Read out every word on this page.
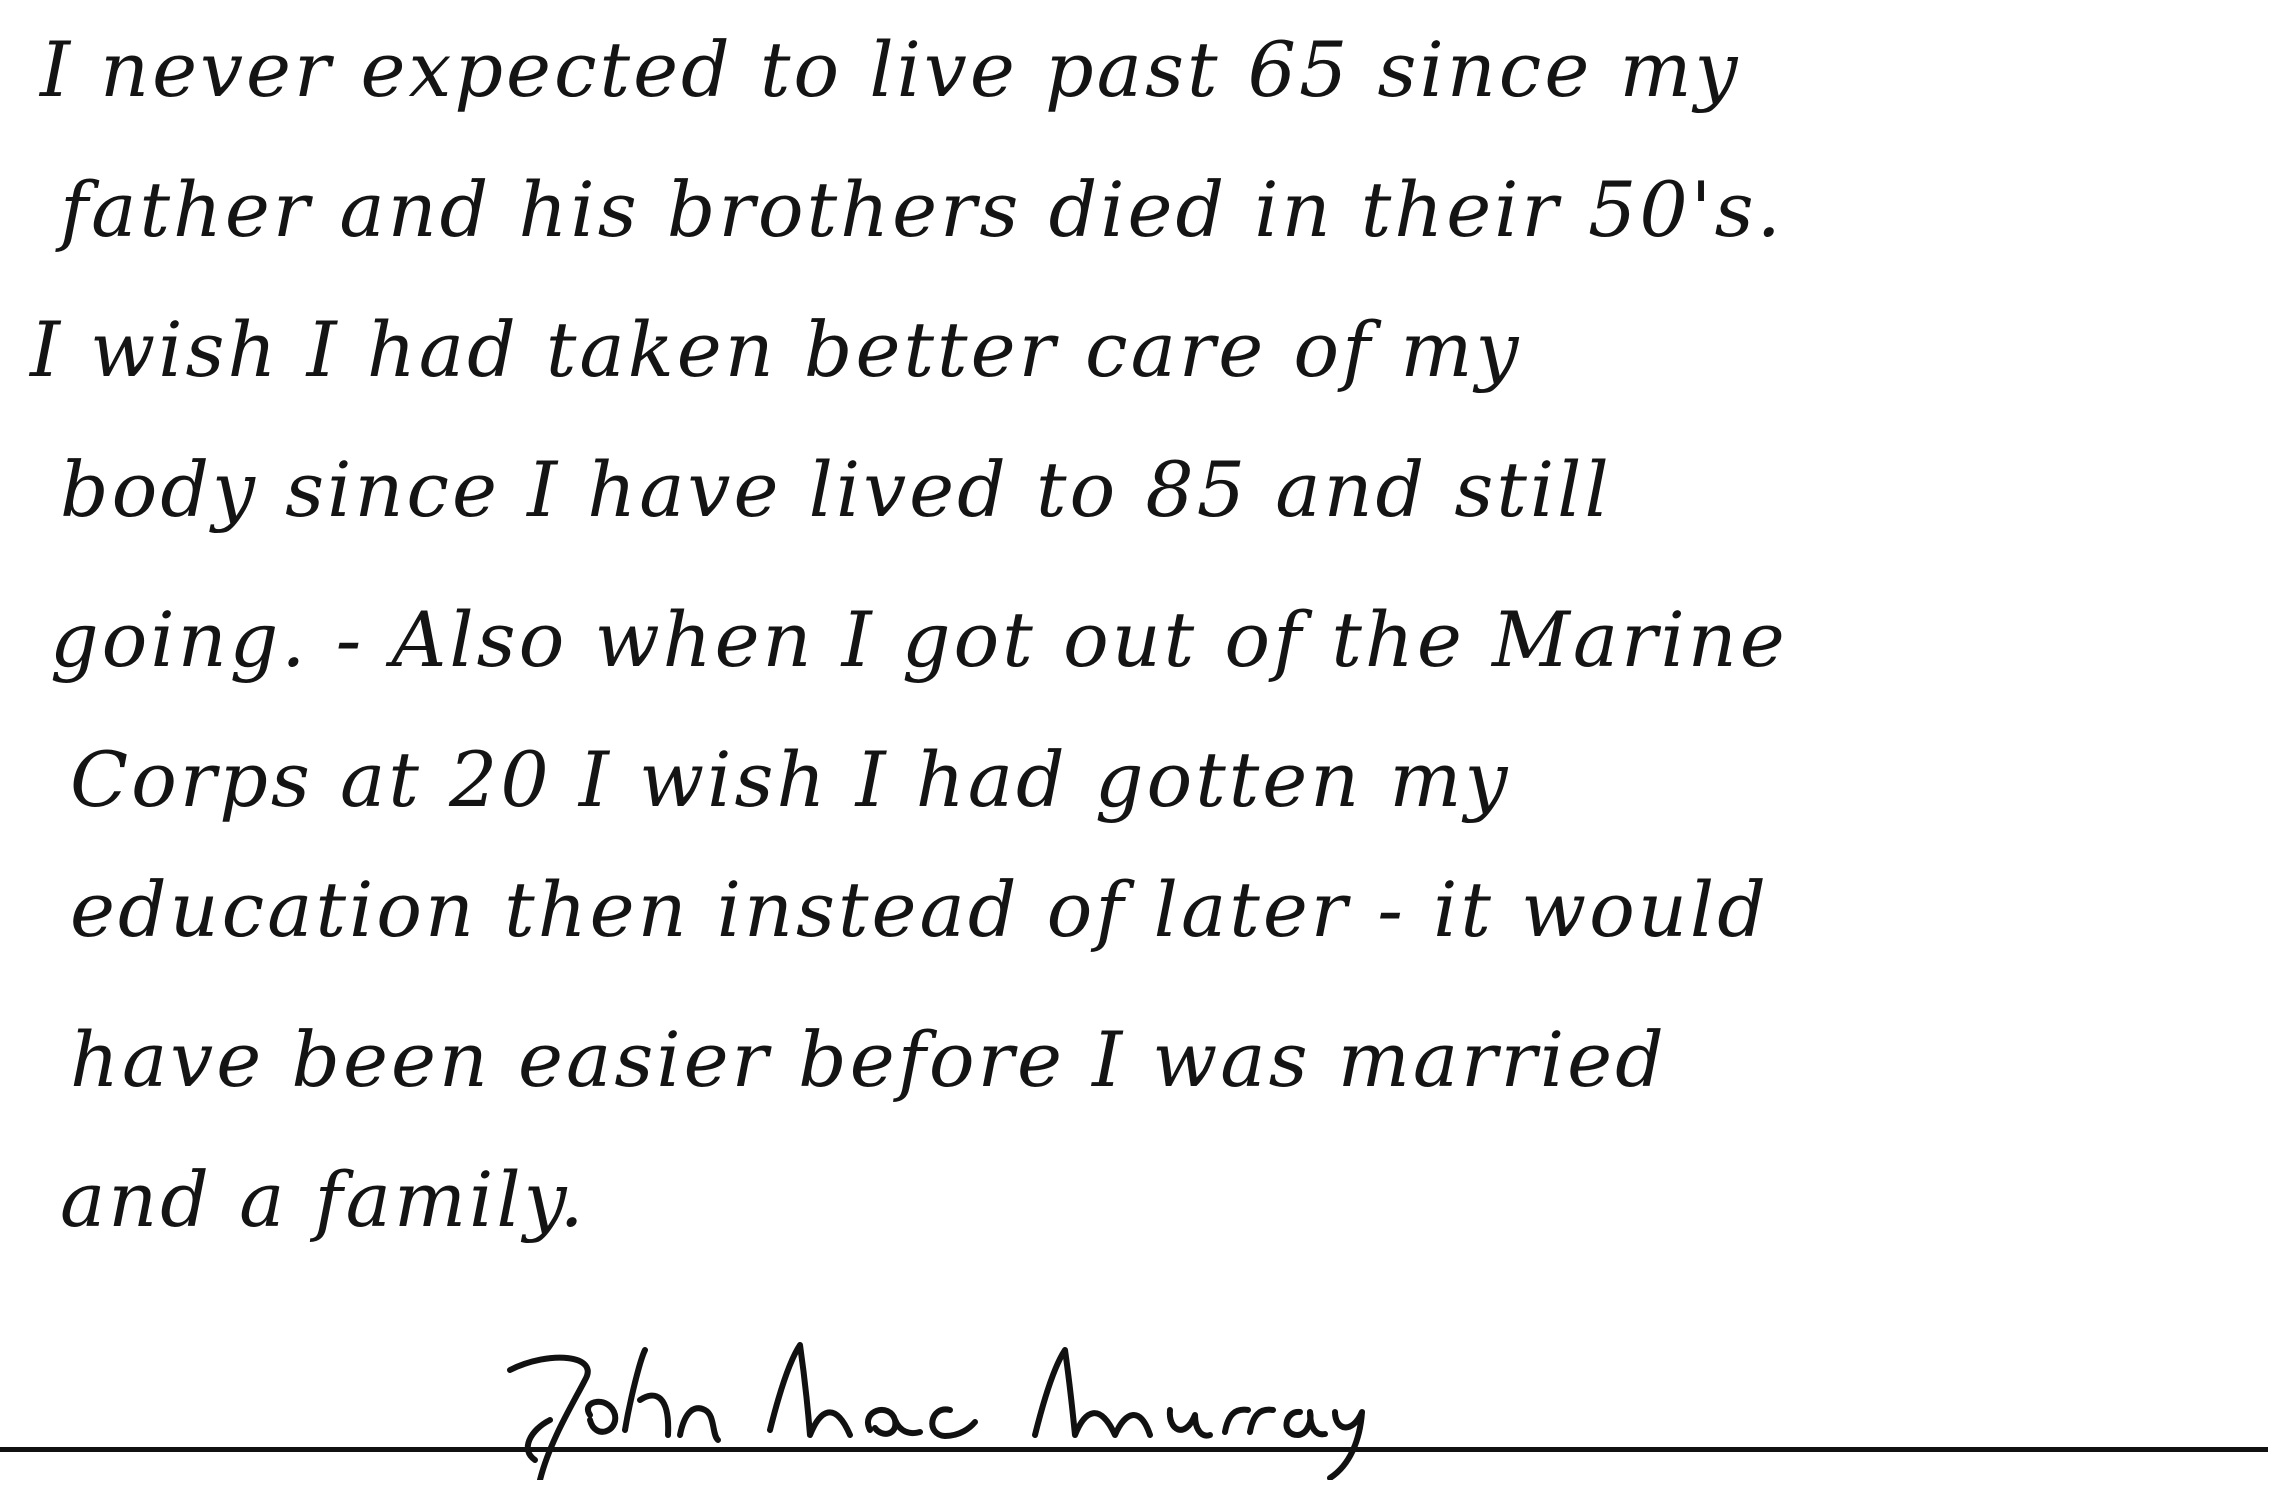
I never expected to live past 65 since my
father and his brothers died in their 50's.
I wish I had taken better care of my
body since I have lived to 85 and still
going. - Also when I got out of the Marine
Corps at 20 I wish I had gotten my
education then instead of later - it would
have been easier before I was married
and a family.
